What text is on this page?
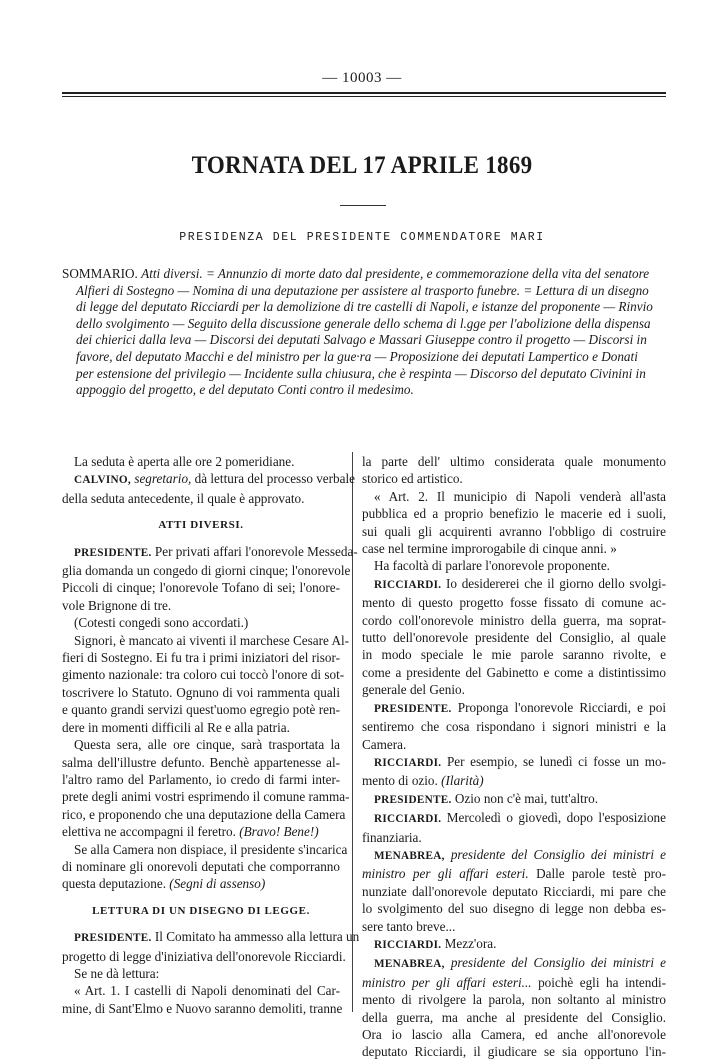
— 10003 —
TORNATA DEL 17 APRILE 1869
PRESIDENZA DEL PRESIDENTE COMMENDATORE MARI
SOMMARIO. Atti diversi. = Annunzio di morte dato dal presidente, e commemorazione della vita del senatore
Alfieri di Sostegno — Nomina di una deputazione per assistere al trasporto funebre. = Lettura di un disegno
di legge del deputato Ricciardi per la demolizione di tre castelli di Napoli, e istanze del proponente — Rinvio
dello svolgimento — Seguito della discussione generale dello schema di l.gge per l'abolizione della dispensa
dei chierici dalla leva — Discorsi dei deputati Salvago e Massari Giuseppe contro il progetto — Discorsi in
favore, del deputato Macchi e del ministro per la gue·ra — Proposizione dei deputati Lampertico e Donati
per estensione del privilegio — Incidente sulla chiusura, che è respinta — Discorso del deputato Civinini in
appoggio del progetto, e del deputato Conti contro il medesimo.
La seduta è aperta alle ore 2 pomeridiane.
CALVINO, segretario, dà lettura del processo verbale
della seduta antecedente, il quale è approvato.
ATTI DIVERSI.
PRESIDENTE. Per privati affari l'onorevole Messeda-
glia domanda un congedo di giorni cinque; l'onorevole
Piccoli di cinque; l'onorevole Tofano di sei; l'onore-
vole Brignone di tre.
(Cotesti congedi sono accordati.)
Signori, è mancato ai viventi il marchese Cesare Al-
fieri di Sostegno. Ei fu tra i primi iniziatori del risor-
gimento nazionale: tra coloro cui toccò l'onore di sot-
toscrivere lo Statuto. Ognuno di voi rammenta quali
e quanto grandi servizi quest'uomo egregio potè ren-
dere in momenti difficili al Re e alla patria.
Questa sera, alle ore cinque, sarà trasportata la
salma dell'illustre defunto. Benchè appartenesse al-
l'altro ramo del Parlamento, io credo di farmi inter-
prete degli animi vostri esprimendo il comune ramma-
rico, e proponendo che una deputazione della Camera
elettiva ne accompagni il feretro. (Bravo! Bene!)
Se alla Camera non dispiace, il presidente s'incarica
di nominare gli onorevoli deputati che comporranno
questa deputazione. (Segni di assenso)
LETTURA DI UN DISEGNO DI LEGGE.
PRESIDENTE. Il Comitato ha ammesso alla lettura un
progetto di legge d'iniziativa dell'onorevole Ricciardi.
Se ne dà lettura:
« Art. 1. I castelli di Napoli denominati del Car-
mine, di Sant'Elmo e Nuovo saranno demoliti, tranne
la parte dell' ultimo considerata quale monumento
storico ed artistico.
« Art. 2. Il municipio di Napoli venderà all'asta
pubblica ed a proprio benefizio le macerie ed i suoli,
sui quali gli acquirenti avranno l'obbligo di costruire
case nel termine improrogabile di cinque anni. »
Ha facoltà di parlare l'onorevole proponente.
RICCIARDI. Io desidererei che il giorno dello svolgi-
mento di questo progetto fosse fissato di comune ac-
cordo coll'onorevole ministro della guerra, ma soprat-
tutto dell'onorevole presidente del Consiglio, al quale
in modo speciale le mie parole saranno rivolte, e
come a presidente del Gabinetto e come a distintissimo
generale del Genio.
PRESIDENTE. Proponga l'onorevole Ricciardi, e poi
sentiremo che cosa rispondano i signori ministri e la
Camera.
RICCIARDI. Per esempio, se lunedì ci fosse un mo-
mento di ozio. (Ilarità)
PRESIDENTE. Ozio non c'è mai, tutt'altro.
RICCIARDI. Mercoledì o giovedì, dopo l'esposizione
finanziaria.
MENABREA, presidente del Consiglio dei ministri e
ministro per gli affari esteri. Dalle parole testè pro-
nunziate dall'onorevole deputato Ricciardi, mi pare che
lo svolgimento del suo disegno di legge non debba es-
sere tanto breve...
RICCIARDI. Mezz'ora.
MENABREA, presidente del Consiglio dei ministri e
ministro per gli affari esteri... poichè egli ha intendi-
mento di rivolgere la parola, non soltanto al ministro
della guerra, ma anche al presidente del Consiglio.
Ora io lascio alla Camera, ed anche all'onorevole
deputato Ricciardi, il giudicare se sia opportuno l'in-
